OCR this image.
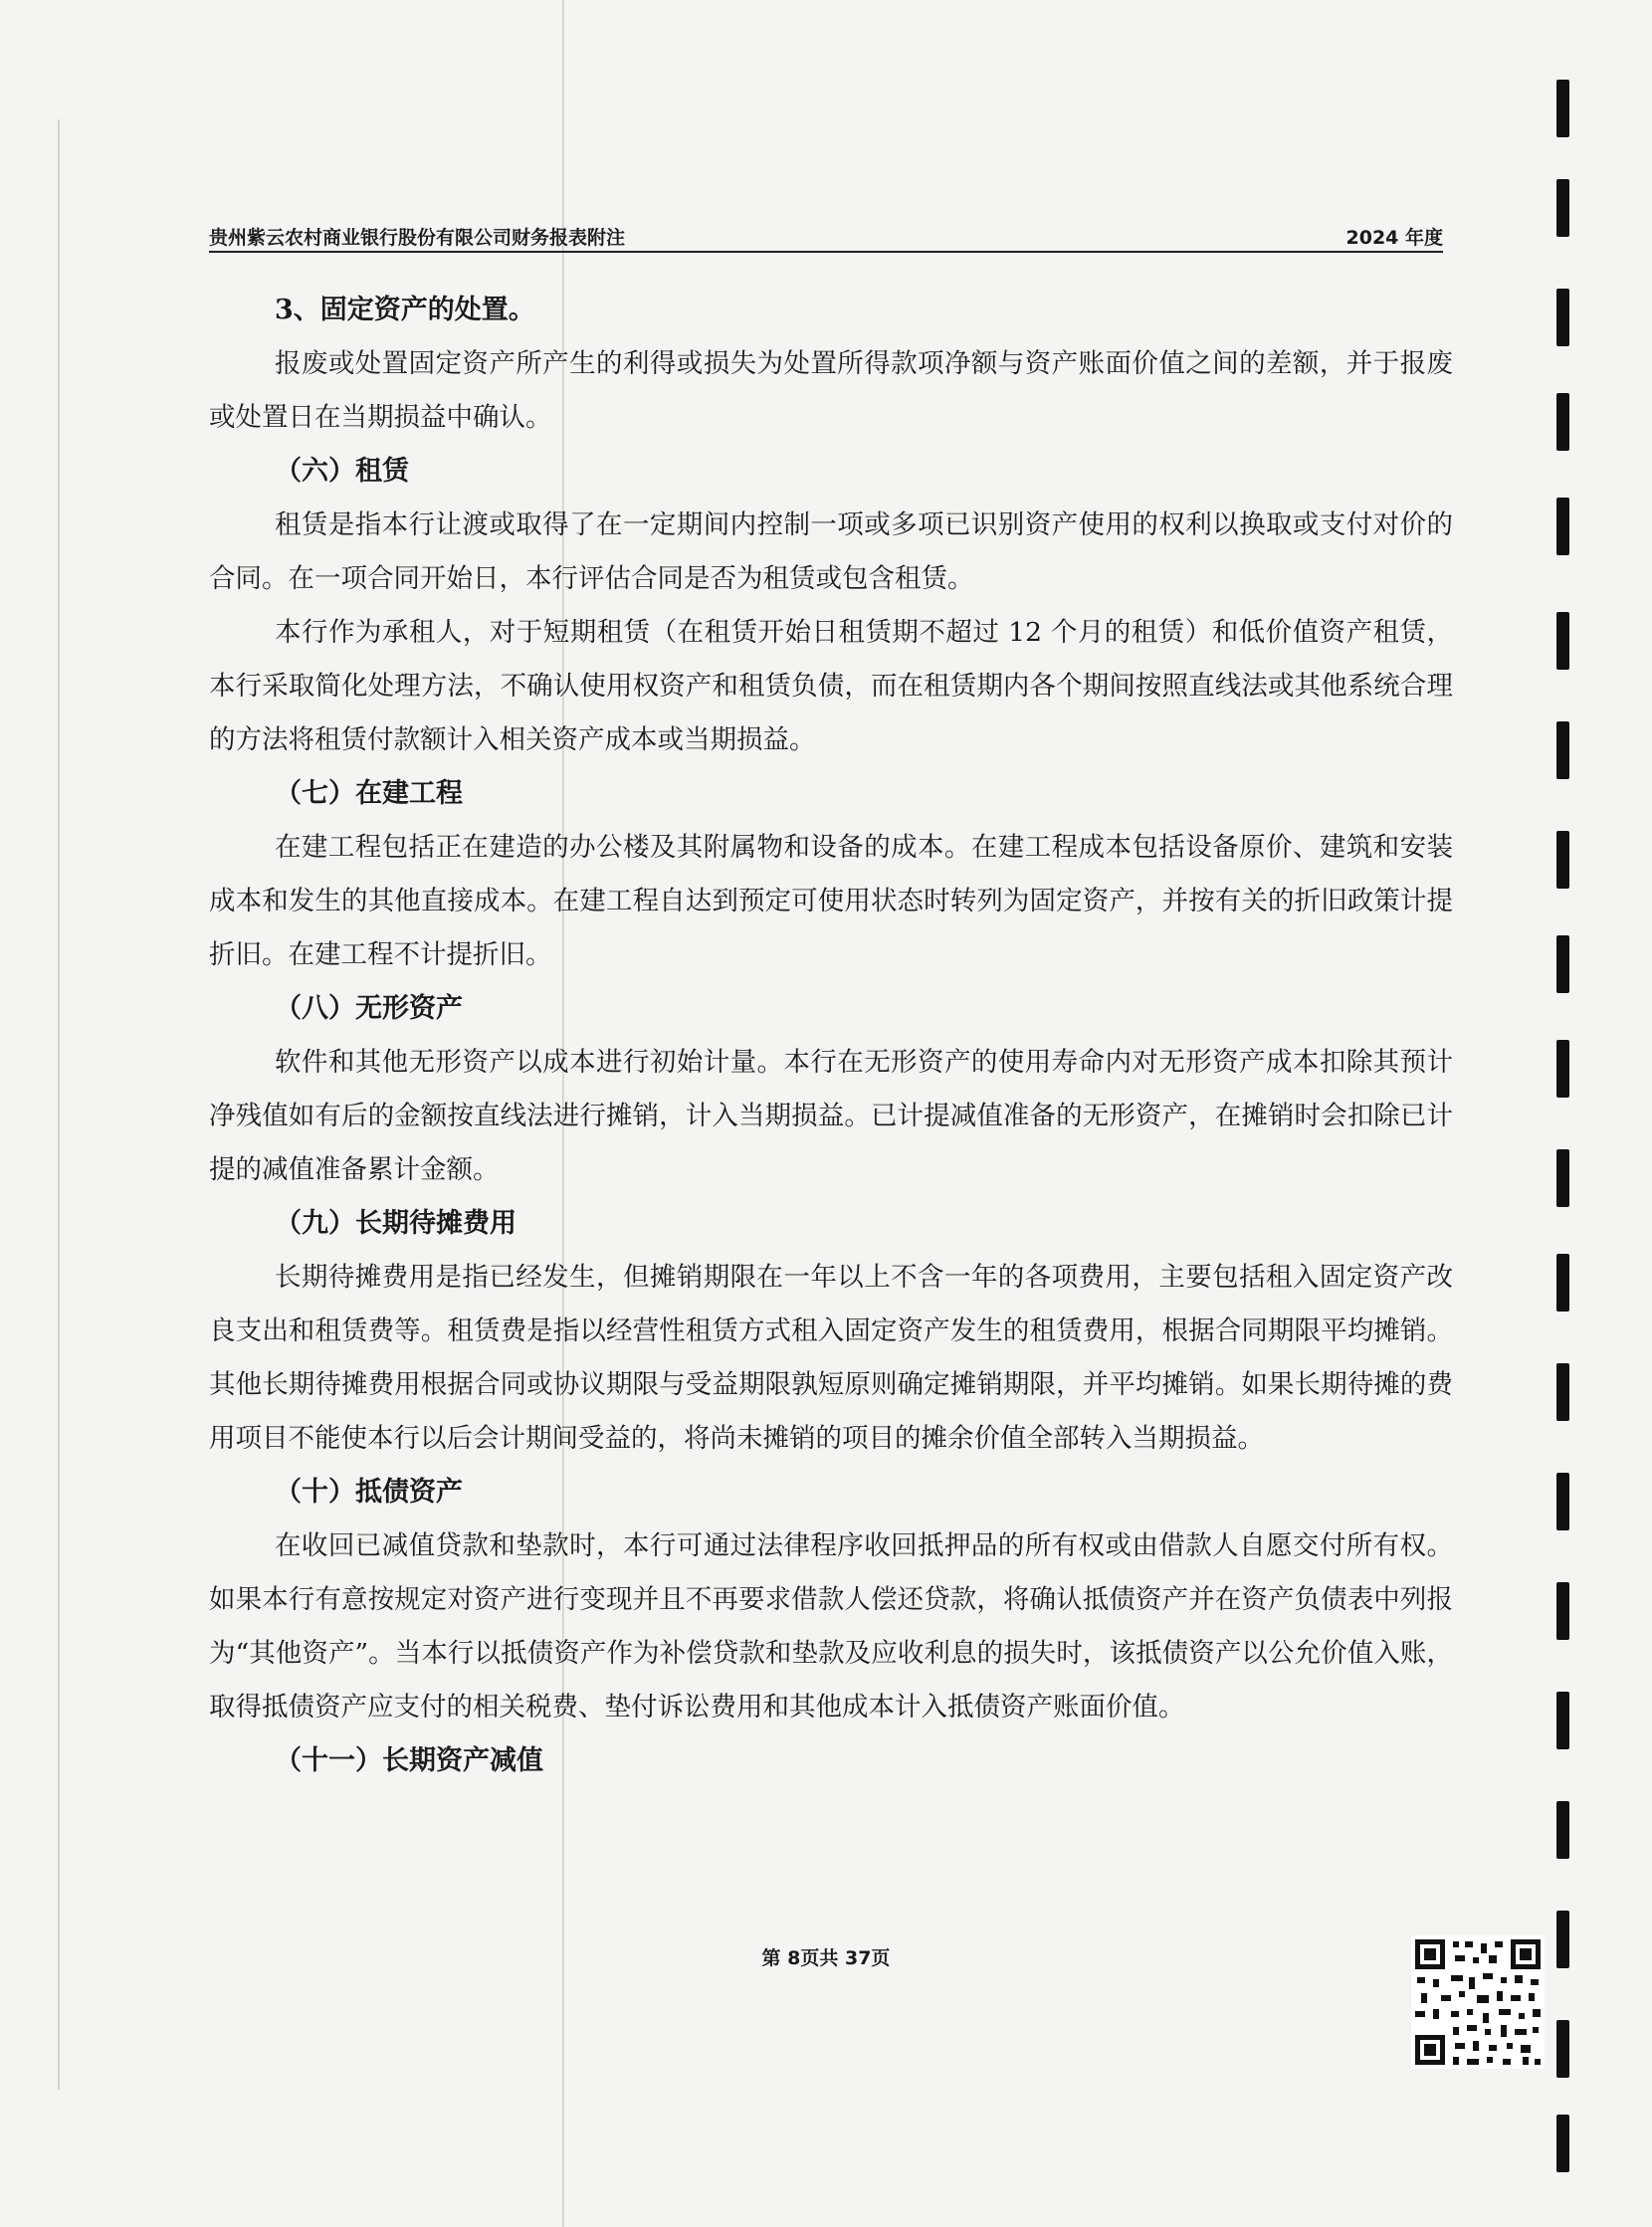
贵州紫云农村商业银行股份有限公司财务报表附注	2024 年度
3、固定资产的处置。
报废或处置固定资产所产生的利得或损失为处置所得款项净额与资产账面价值之间的差额，并于报废或处置日在当期损益中确认。
（六）租赁
租赁是指本行让渡或取得了在一定期间内控制一项或多项已识别资产使用的权利以换取或支付对价的合同。在一项合同开始日，本行评估合同是否为租赁或包含租赁。
本行作为承租人，对于短期租赁（在租赁开始日租赁期不超过 12 个月的租赁）和低价值资产租赁，本行采取简化处理方法，不确认使用权资产和租赁负债，而在租赁期内各个期间按照直线法或其他系统合理的方法将租赁付款额计入相关资产成本或当期损益。
（七）在建工程
在建工程包括正在建造的办公楼及其附属物和设备的成本。在建工程成本包括设备原价、建筑和安装成本和发生的其他直接成本。在建工程自达到预定可使用状态时转列为固定资产，并按有关的折旧政策计提折旧。在建工程不计提折旧。
（八）无形资产
软件和其他无形资产以成本进行初始计量。本行在无形资产的使用寿命内对无形资产成本扣除其预计净残值如有后的金额按直线法进行摊销，计入当期损益。已计提减值准备的无形资产，在摊销时会扣除已计提的减值准备累计金额。
（九）长期待摊费用
长期待摊费用是指已经发生，但摊销期限在一年以上不含一年的各项费用，主要包括租入固定资产改良支出和租赁费等。租赁费是指以经营性租赁方式租入固定资产发生的租赁费用，根据合同期限平均摊销。其他长期待摊费用根据合同或协议期限与受益期限孰短原则确定摊销期限，并平均摊销。如果长期待摊的费用项目不能使本行以后会计期间受益的，将尚未摊销的项目的摊余价值全部转入当期损益。
（十）抵债资产
在收回已减值贷款和垫款时，本行可通过法律程序收回抵押品的所有权或由借款人自愿交付所有权。如果本行有意按规定对资产进行变现并且不再要求借款人偿还贷款，将确认抵债资产并在资产负债表中列报为“其他资产”。当本行以抵债资产作为补偿贷款和垫款及应收利息的损失时，该抵债资产以公允价值入账，取得抵债资产应支付的相关税费、垫付诉讼费用和其他成本计入抵债资产账面价值。
（十一）长期资产减值
第 8页共 37页
